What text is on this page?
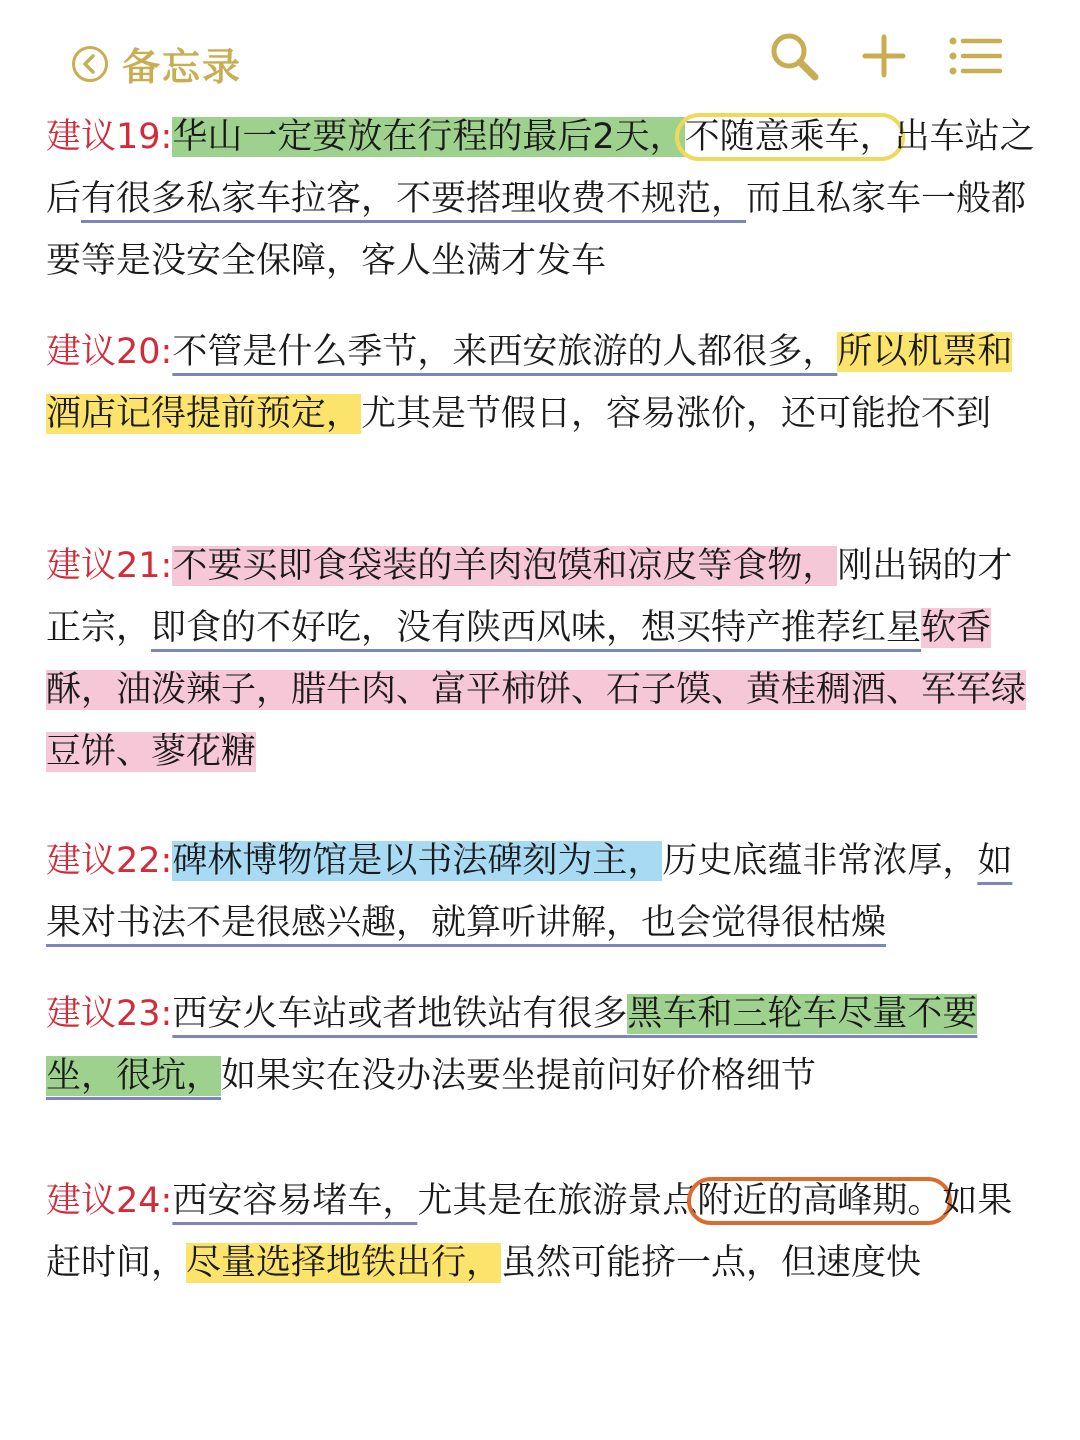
备忘录

建议19:华山一定要放在行程的最后2天，不随意乘车，出车站之后有很多私家车拉客，不要搭理收费不规范，而且私家车一般都要等是没安全保障，客人坐满才发车

建议20:不管是什么季节，来西安旅游的人都很多，所以机票和酒店记得提前预定，尤其是节假日，容易涨价，还可能抢不到

建议21:不要买即食袋装的羊肉泡馍和凉皮等食物，刚出锅的才正宗，即食的不好吃，没有陕西风味，想买特产推荐红星软香酥，油泼辣子，腊牛肉、富平柿饼、石子馍、黄桂稠酒、军军绿豆饼、蓼花糖

建议22:碑林博物馆是以书法碑刻为主，历史底蕴非常浓厚，如果对书法不是很感兴趣，就算听讲解，也会觉得很枯燥

建议23:西安火车站或者地铁站有很多黑车和三轮车尽量不要坐，很坑，如果实在没办法要坐提前问好价格细节

建议24:西安容易堵车，尤其是在旅游景点附近的高峰期。如果赶时间，尽量选择地铁出行，虽然可能挤一点，但速度快
